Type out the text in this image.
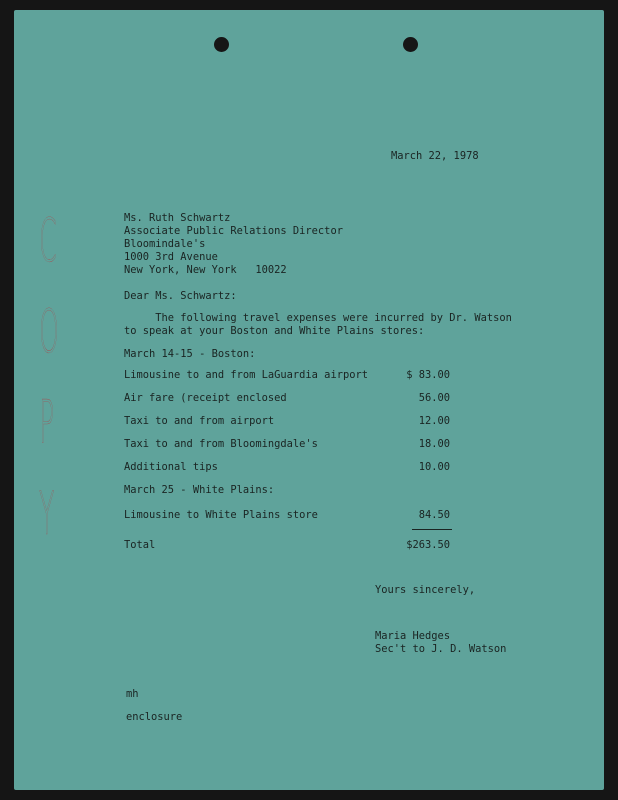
C
O
P
Y
March 22, 1978
Ms. Ruth Schwartz
Associate Public Relations Director
Bloomindale's
1000 3rd Avenue
New York, New York   10022
Dear Ms. Schwartz:
The following travel expenses were incurred by Dr. Watson
to speak at your Boston and White Plains stores:
March 14-15 - Boston:
Limousine to and from LaGuardia airport	$ 83.00
Air fare (receipt enclosed	56.00
Taxi to and from airport	12.00
Taxi to and from Bloomingdale's	18.00
Additional tips	10.00
March 25 - White Plains:
Limousine to White Plains store	84.50
Total	$263.50
Yours sincerely,
Maria Hedges
Sec't to J. D. Watson
mh
enclosure
